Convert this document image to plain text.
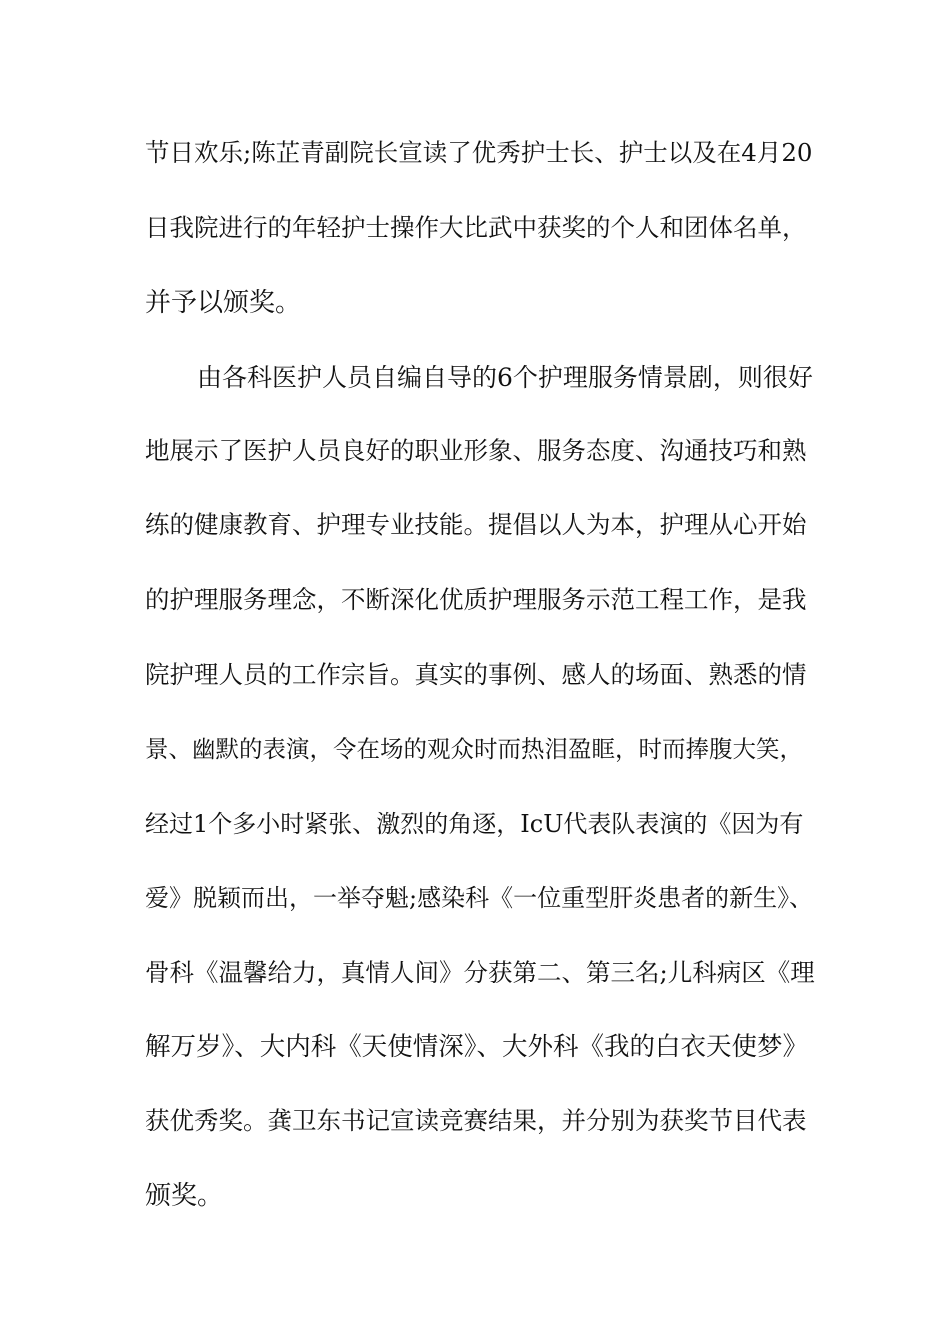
节日欢乐;陈芷青副院长宣读了优秀护士长、护士以及在4月20
日我院进行的年轻护士操作大比武中获奖的个人和团体名单，
并予以颁奖。
由各科医护人员自编自导的6个护理服务情景剧，则很好
地展示了医护人员良好的职业形象、服务态度、沟通技巧和熟
练的健康教育、护理专业技能。提倡以人为本，护理从心开始
的护理服务理念，不断深化优质护理服务示范工程工作，是我
院护理人员的工作宗旨。真实的事例、感人的场面、熟悉的情
景、幽默的表演，令在场的观众时而热泪盈眶，时而捧腹大笑，
经过1个多小时紧张、激烈的角逐，IcU代表队表演的《因为有
爱》脱颖而出，一举夺魁;感染科《一位重型肝炎患者的新生》、
骨科《温馨给力，真情人间》分获第二、第三名;儿科病区《理
解万岁》、大内科《天使情深》、大外科《我的白衣天使梦》
获优秀奖。龚卫东书记宣读竞赛结果，并分别为获奖节目代表
颁奖。
